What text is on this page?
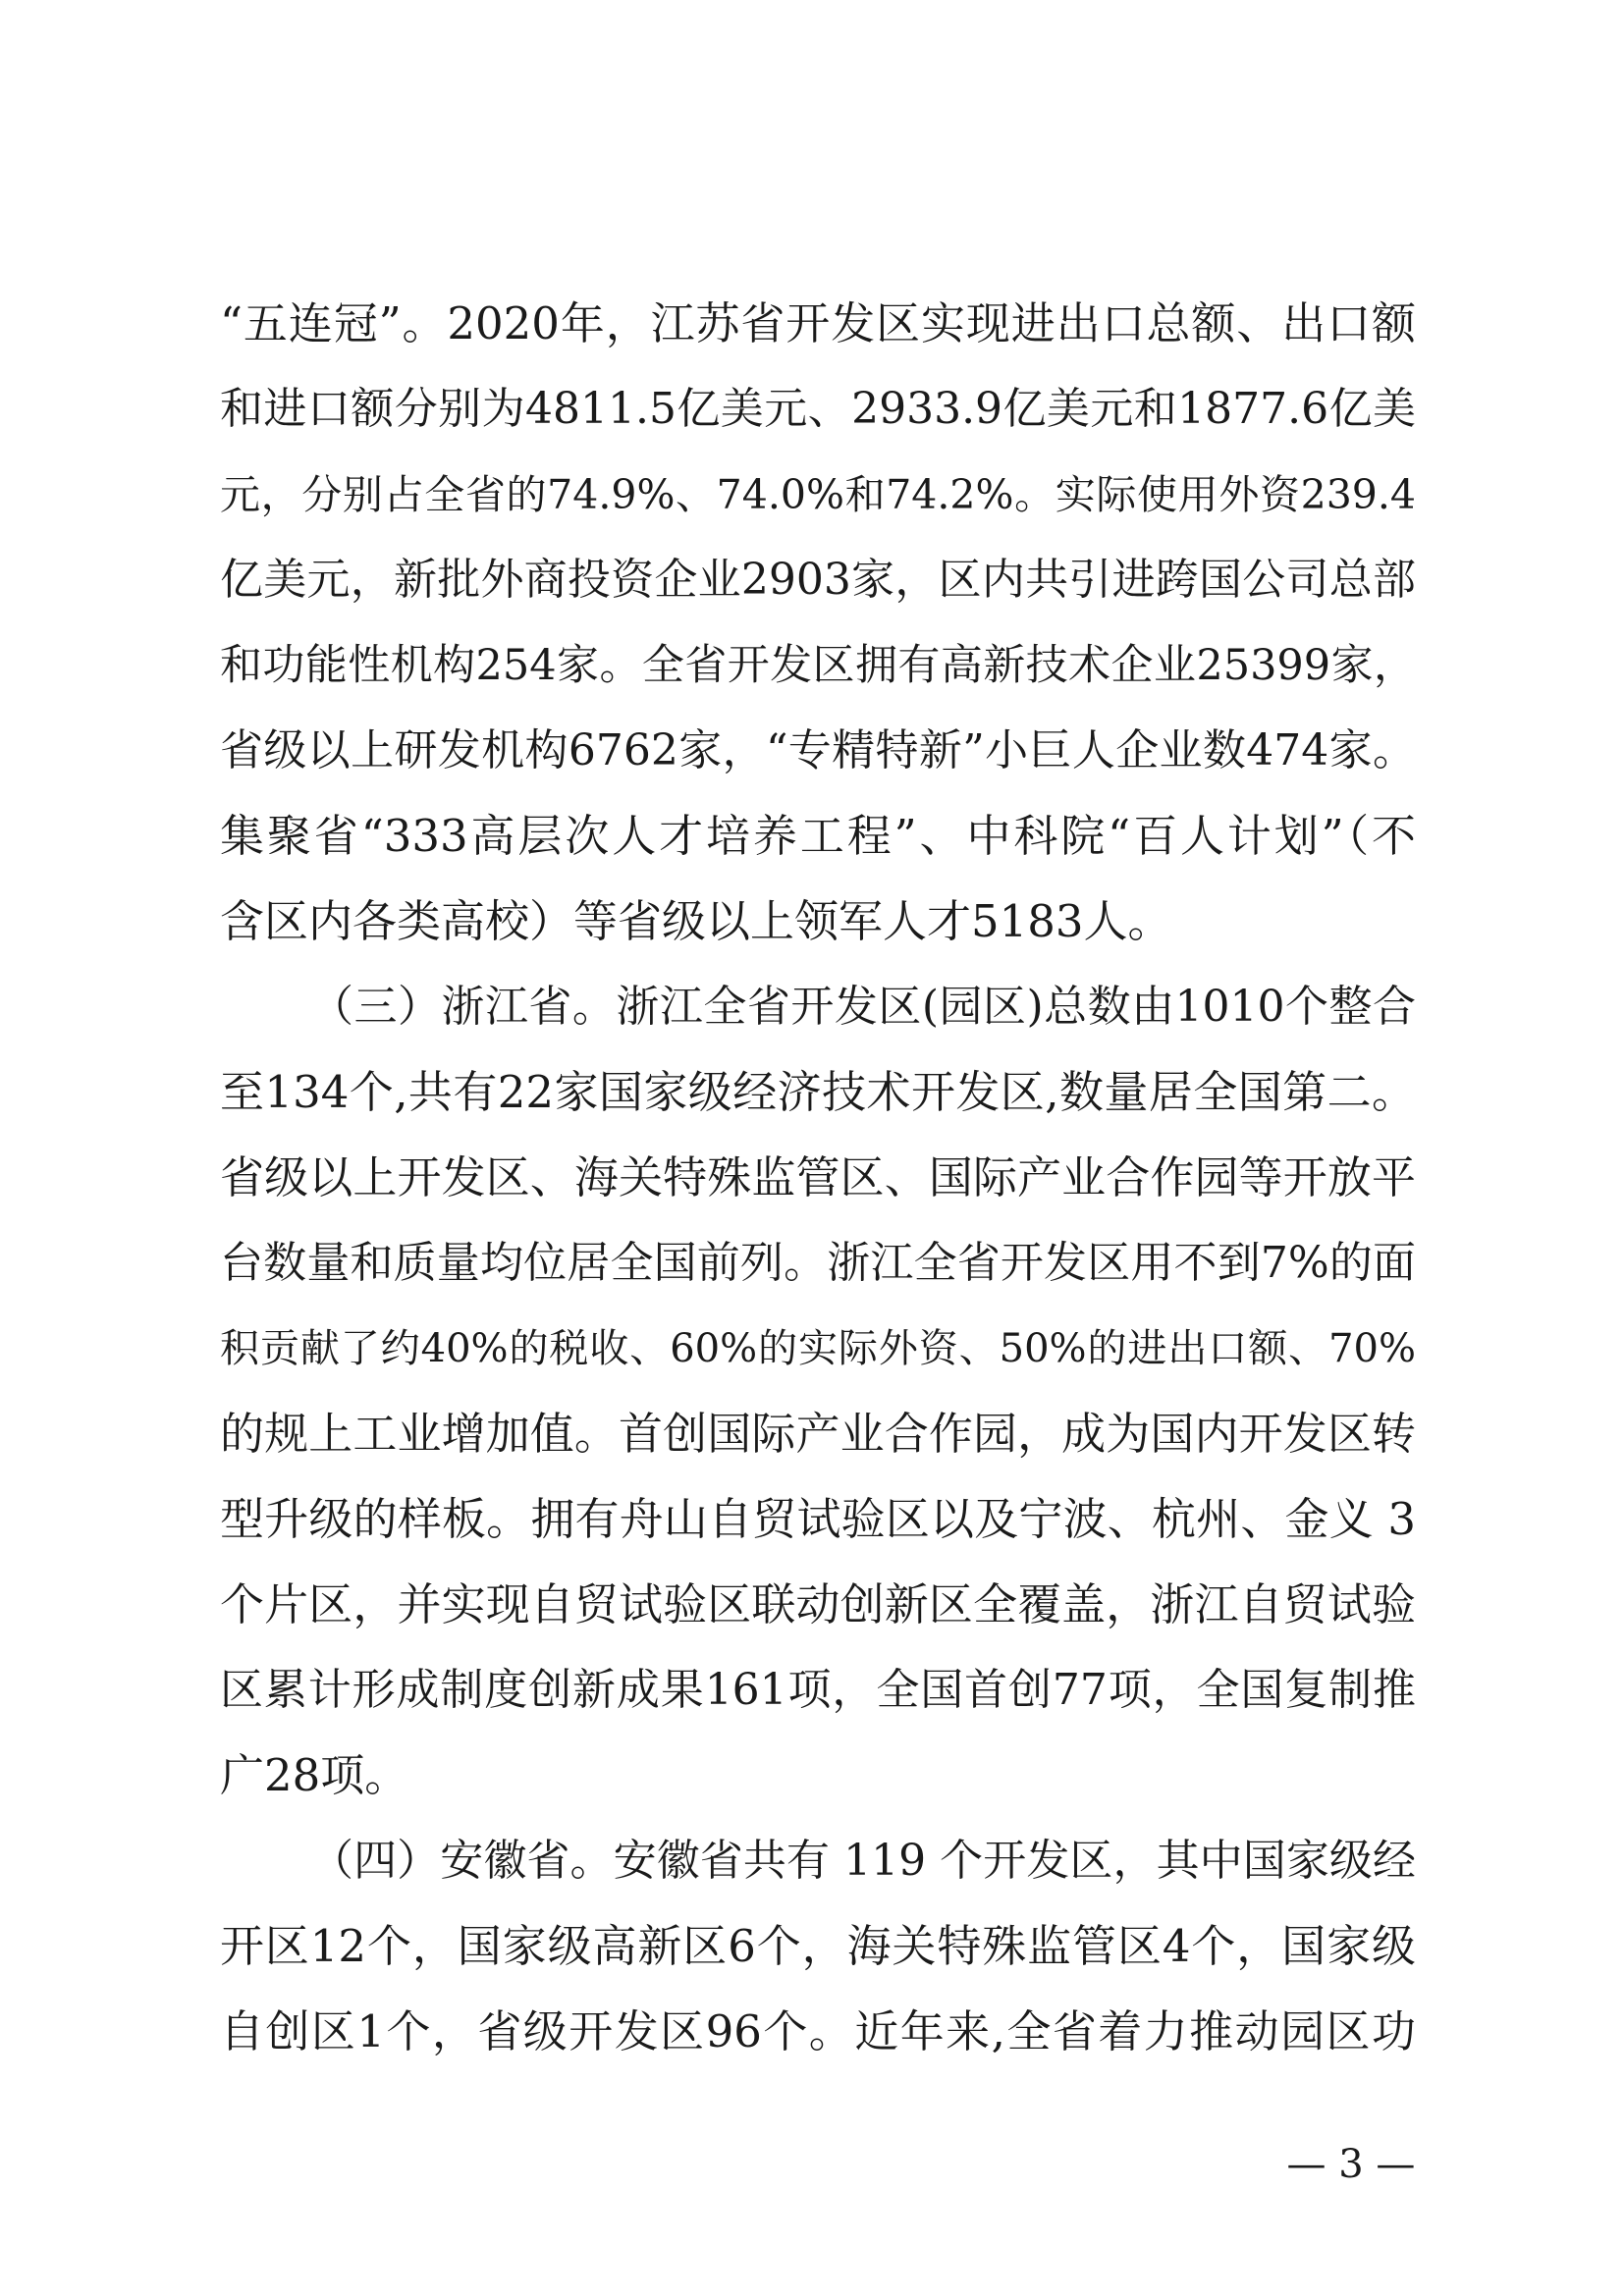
“五连冠”。2020年，江苏省开发区实现进出口总额、出口额
和进口额分别为4811.5亿美元、2933.9亿美元和1877.6亿美
元，分别占全省的74.9%、74.0%和74.2%。实际使用外资239.4
亿美元，新批外商投资企业2903家，区内共引进跨国公司总部
和功能性机构254家。全省开发区拥有高新技术企业25399家，
省级以上研发机构6762家，“专精特新”小巨人企业数474家。
集聚省“333高层次人才培养工程”、中科院“百人计划”（不
含区内各类高校）等省级以上领军人才5183人。
（三）浙江省。浙江全省开发区(园区)总数由1010个整合
至134个,共有22家国家级经济技术开发区,数量居全国第二。
省级以上开发区、海关特殊监管区、国际产业合作园等开放平
台数量和质量均位居全国前列。浙江全省开发区用不到7%的面
积贡献了约40%的税收、60%的实际外资、50%的进出口额、70%
的规上工业增加值。首创国际产业合作园，成为国内开发区转
型升级的样板。拥有舟山自贸试验区以及宁波、杭州、金义 3
个片区，并实现自贸试验区联动创新区全覆盖，浙江自贸试验
区累计形成制度创新成果161项，全国首创77项，全国复制推
广28项。
（四）安徽省。安徽省共有 119 个开发区，其中国家级经
开区12个，国家级高新区6个，海关特殊监管区4个，国家级
自创区1个，省级开发区96个。近年来,全省着力推动园区功
— 3 —
